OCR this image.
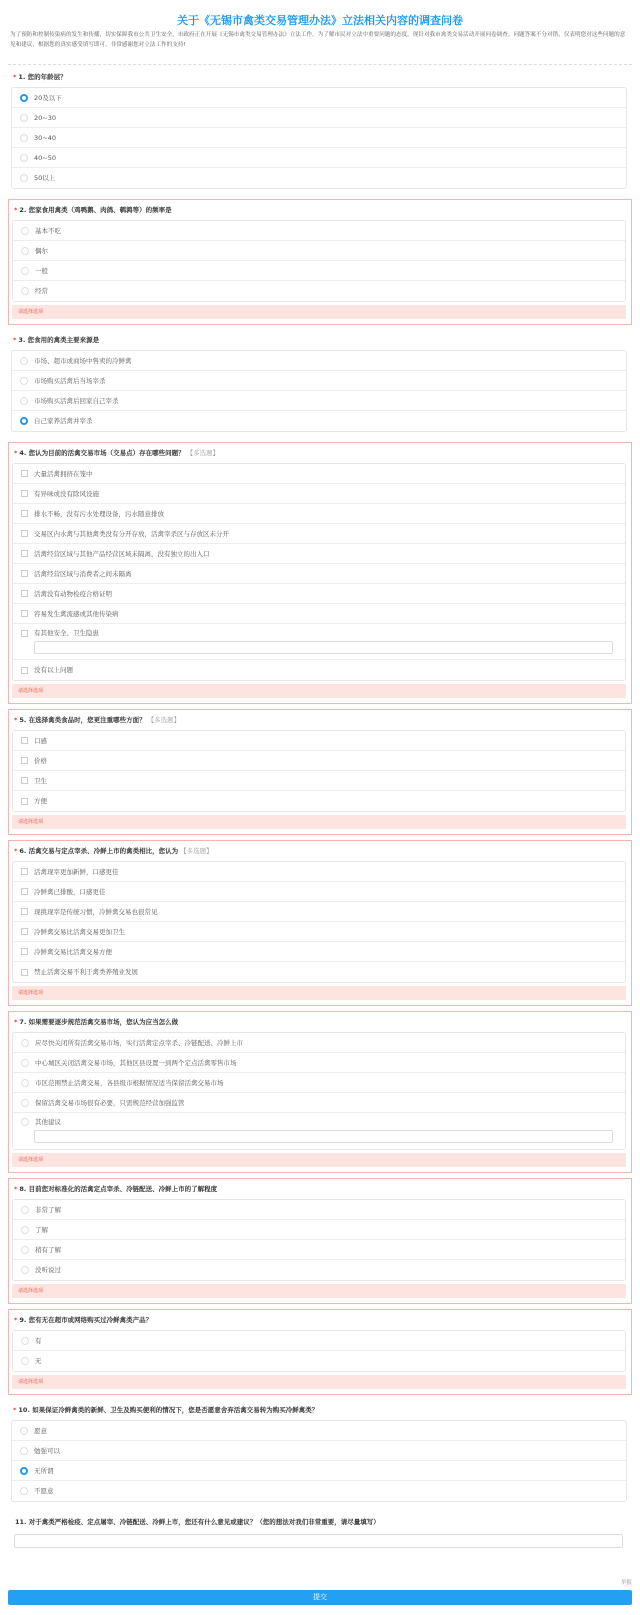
关于《无锡市禽类交易管理办法》立法相关内容的调查问卷
为了预防和控制传染病的发生和传播，切实保障我市公共卫生安全，市政府正在开展《无锡市禽类交易管理办法》立法工作。为了解市民对立法中重要问题的态度，现针对我市禽类交易活动开展问卷调查。问题答案不分对错，仅表明您对这些问题的意见和建议，根据您的真实感受填写即可，非常感谢您对立法工作的支持!
* 1. 您的年龄层？
20及以下
20~30
30~40
40~50
50以上
* 2. 您家食用禽类（鸡鸭鹅、肉鸽、鹌鹑等）的频率是
基本不吃
偶尔
一般
经常
请选择选项
* 3. 您食用的禽类主要来源是
市场、超市或商场中售卖的冷鲜禽
市场购买活禽后当场宰杀
市场购买活禽后回家自己宰杀
自己家养活禽并宰杀
* 4. 您认为目前的活禽交易市场（交易点）存在哪些问题？ 【多选题】
大量活禽拥挤在笼中
有异味或没有除风设施
排水不畅，没有污水处理设备，污水随意排放
交易区内水禽与其他禽类没有分开存放，活禽宰杀区与存放区未分开
活禽经营区域与其他产品经营区域未隔离，没有独立的出入口
活禽经营区域与消费者之间未隔离
活禽没有动物检疫合格证明
容易发生禽流感或其他传染病
有其他安全、卫生隐患
没有以上问题
请选择选项
* 5. 在选择禽类食品时，您更注重哪些方面？ 【多选题】
口感
价格
卫生
方便
请选择选项
* 6. 活禽交易与定点宰杀、冷鲜上市的禽类相比，您认为 【多选题】
活禽现宰更加新鲜，口感更佳
冷鲜禽已排酸，口感更佳
现挑现宰是传统习惯，冷鲜禽交易也很常见
冷鲜禽交易比活禽交易更加卫生
冷鲜禽交易比活禽交易方便
禁止活禽交易不利于禽类养殖业发展
请选择选项
* 7. 如果需要逐步规范活禽交易市场，您认为应当怎么做
应尽快关闭所有活禽交易市场，实行活禽定点宰杀、冷链配送、冷鲜上市
中心城区关闭活禽交易市场，其他区县设置一到两个定点活禽零售市场
市区范围禁止活禽交易，各县级市根据情况适当保留活禽交易市场
保留活禽交易市场很有必要，只需规范经营加强监管
其他建议
请选择选项
* 8. 目前您对标准化的活禽定点宰杀、冷链配送、冷鲜上市的了解程度
非常了解
了解
稍有了解
没听说过
请选择选项
* 9. 您有无在超市或网络购买过冷鲜禽类产品？
有
无
请选择选项
* 10. 如果保证冷鲜禽类的新鲜、卫生及购买便利的情况下，您是否愿意舍弃活禽交易转为购买冷鲜禽类？
愿意
勉强可以
无所谓
不愿意
11. 对于禽类严格检疫、定点屠宰、冷链配送、冷鲜上市，您还有什么意见或建议？（您的想法对我们非常重要，请尽量填写）
举报
提交
